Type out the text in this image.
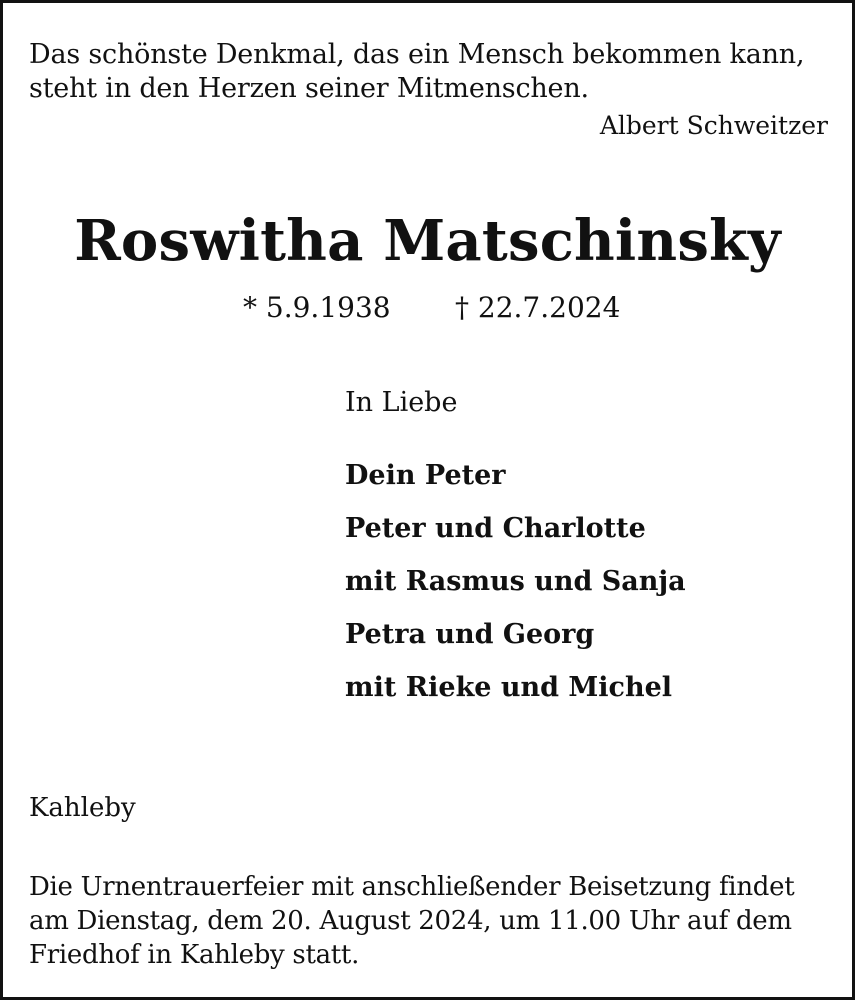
Das schönste Denkmal, das ein Mensch bekommen kann,

steht in den Herzen seiner Mitmenschen.

Albert Schweitzer

Roswitha Matschinsky

* 5.9.1938 † 22.7.2024

In Liebe

Dein Peter

Peter und Charlotte

mit Rasmus und Sanja

Petra und Georg

mit Rieke und Michel

Kahleby

Die Urnentrauerfeier mit anschließender Beisetzung findet

am Dienstag, dem 20. August 2024, um 11.00 Uhr auf dem

Friedhof in Kahleby statt.
